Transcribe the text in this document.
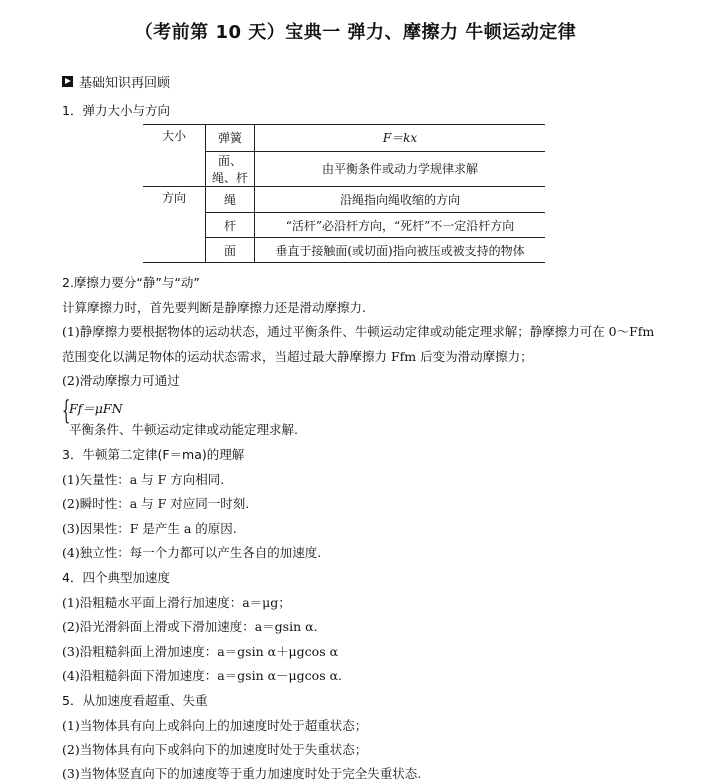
（考前第 10 天）宝典一 弹力、摩擦力 牛顿运动定律
基础知识再回顾
1．弹力大小与方向
大小	弹簧	F＝kx
	面、绳、杆	由平衡条件或动力学规律求解
方向	绳	沿绳指向绳收缩的方向
	杆	“活杆”必沿杆方向，“死杆”不一定沿杆方向
	面	垂直于接触面(或切面)指向被压或被支持的物体
2.摩擦力要分“静”与“动”
计算摩擦力时，首先要判断是静摩擦力还是滑动摩擦力.
(1)静摩擦力要根据物体的运动状态，通过平衡条件、牛顿运动定律或动能定理求解；静摩擦力可在 0～Ffm
范围变化以满足物体的运动状态需求，当超过最大静摩擦力 Ffm 后变为滑动摩擦力；
(2)滑动摩擦力可通过
{
Ff＝μFN
平衡条件、牛顿运动定律或动能定理求解.
3．牛顿第二定律(F＝ma)的理解
(1)矢量性：a 与 F 方向相同.
(2)瞬时性：a 与 F 对应同一时刻.
(3)因果性：F 是产生 a 的原因.
(4)独立性：每一个力都可以产生各自的加速度.
4．四个典型加速度
(1)沿粗糙水平面上滑行加速度：a＝μg；
(2)沿光滑斜面上滑或下滑加速度：a＝gsin α.
(3)沿粗糙斜面上滑加速度：a＝gsin α＋μgcos α
(4)沿粗糙斜面下滑加速度：a＝gsin α－μgcos α.
5．从加速度看超重、失重
(1)当物体具有向上或斜向上的加速度时处于超重状态；
(2)当物体具有向下或斜向下的加速度时处于失重状态；
(3)当物体竖直向下的加速度等于重力加速度时处于完全失重状态.
